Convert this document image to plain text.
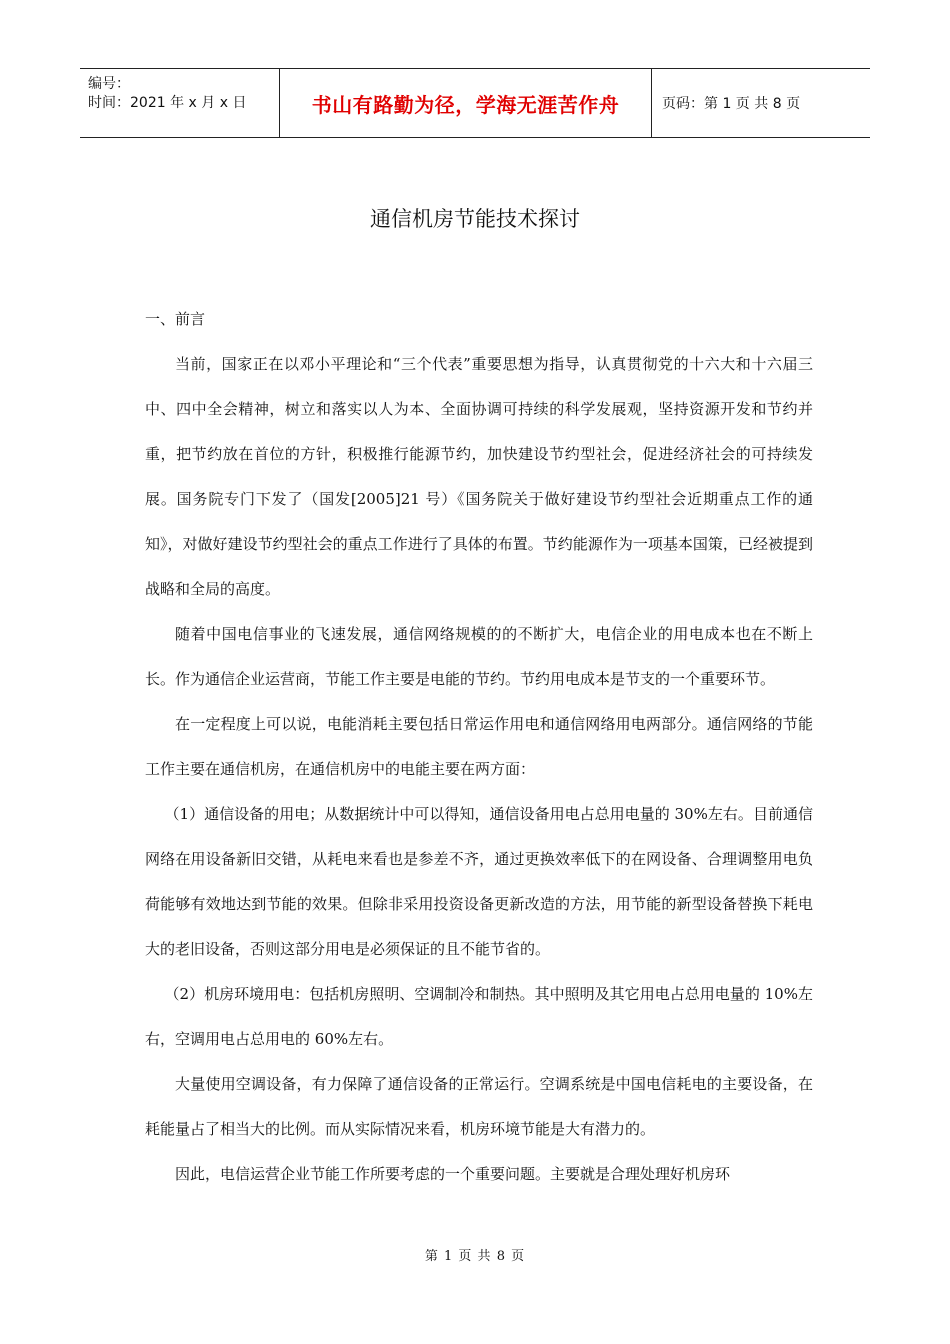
编号：
时间：2021 年 x 月 x 日	书山有路勤为径，学海无涯苦作舟	页码：第 1 页 共 8 页
通信机房节能技术探讨

一、前言

当前，国家正在以邓小平理论和“三个代表”重要思想为指导，认真贯彻党的十六大和十六届三中、四中全会精神，树立和落实以人为本、全面协调可持续的科学发展观，坚持资源开发和节约并重，把节约放在首位的方针，积极推行能源节约，加快建设节约型社会，促进经济社会的可持续发展。国务院专门下发了（国发[2005]21 号）《国务院关于做好建设节约型社会近期重点工作的通知》，对做好建设节约型社会的重点工作进行了具体的布置。节约能源作为一项基本国策，已经被提到战略和全局的高度。

随着中国电信事业的飞速发展，通信网络规模的的不断扩大，电信企业的用电成本也在不断上长。作为通信企业运营商，节能工作主要是电能的节约。节约用电成本是节支的一个重要环节。

在一定程度上可以说，电能消耗主要包括日常运作用电和通信网络用电两部分。通信网络的节能工作主要在通信机房，在通信机房中的电能主要在两方面：

（1）通信设备的用电；从数据统计中可以得知，通信设备用电占总用电量的 30%左右。目前通信网络在用设备新旧交错，从耗电来看也是参差不齐，通过更换效率低下的在网设备、合理调整用电负荷能够有效地达到节能的效果。但除非采用投资设备更新改造的方法，用节能的新型设备替换下耗电大的老旧设备，否则这部分用电是必须保证的且不能节省的。

（2）机房环境用电：包括机房照明、空调制冷和制热。其中照明及其它用电占总用电量的 10%左右，空调用电占总用电的 60%左右。

大量使用空调设备，有力保障了通信设备的正常运行。空调系统是中国电信耗电的主要设备，在耗能量占了相当大的比例。而从实际情况来看，机房环境节能是大有潜力的。

因此，电信运营企业节能工作所要考虑的一个重要问题。主要就是合理处理好机房环

第 1 页 共 8 页
